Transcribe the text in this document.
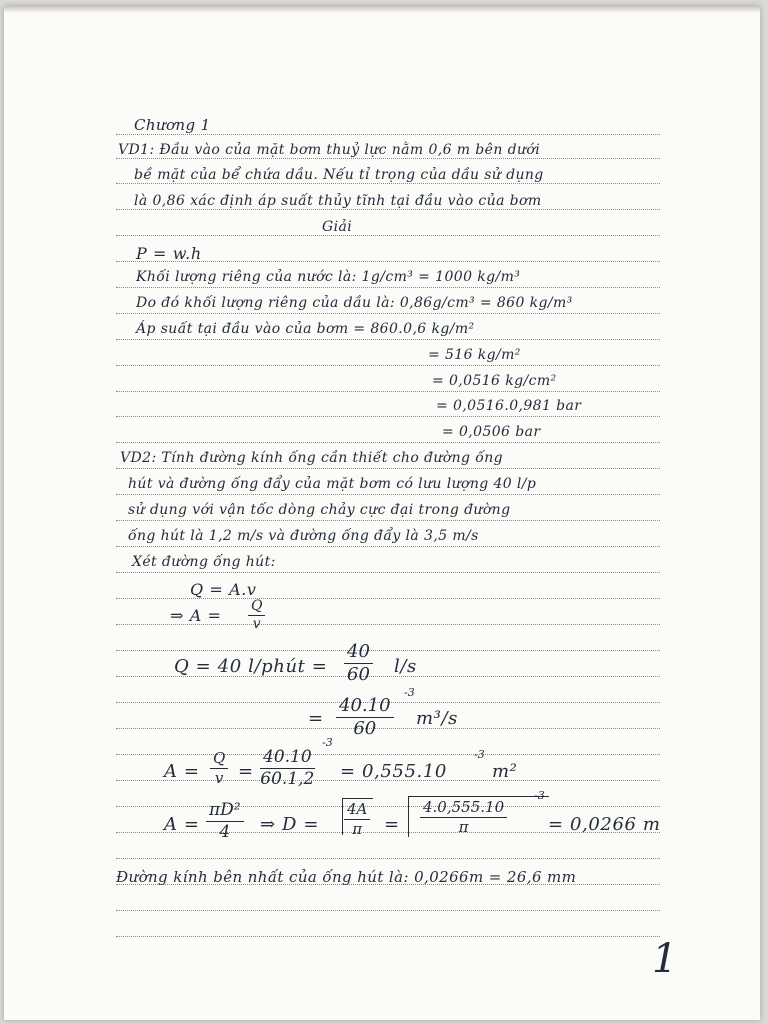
Chương 1
VD1: Đầu vào của mặt bơm thuỷ lực nằm 0,6 m bên dưới
bề mặt của bể chứa dầu. Nếu tỉ trọng của dầu sử dụng
là 0,86 xác định áp suất thủy tĩnh tại đầu vào của bơm
Giải
P = w.h
Khối lượng riêng của nước là: 1g/cm³ = 1000 kg/m³
Do đó khối lượng riêng của dầu là: 0,86g/cm³ = 860 kg/m³
Áp suất tại đầu vào của bơm = 860.0,6 kg/m²
= 516 kg/m²
= 0,0516 kg/cm²
= 0,0516.0,981 bar
= 0,0506 bar
VD2: Tính đường kính ống cần thiết cho đường ống
hút và đường ống đẩy của mặt bơm có lưu lượng 40 l/p
sử dụng với vận tốc dòng chảy cực đại trong đường
ống hút là 1,2 m/s và đường ống đẩy là 3,5 m/s
Xét đường ống hút:
Q = A.v
⇒ $A = \frac{Q}{v}$
Q = 40 l/phút = $\frac{40}{60} l/s$
= $\frac{40.10}{60}$
-3
m³/s
$A = \frac{Q}{v} = \frac{40.10}{60.1,2}$
-3
= 0,555.10
-3
m²
$A = \frac{\text{πD²}}{4}$ ⇒ $D = \frac{4A}{\pi} = \frac{4.0,555.10}{\pi}$
-3
= 0,0266 m
Đường kính bên nhất của ống hút là: 0,0266m = 26,6 mm
1
